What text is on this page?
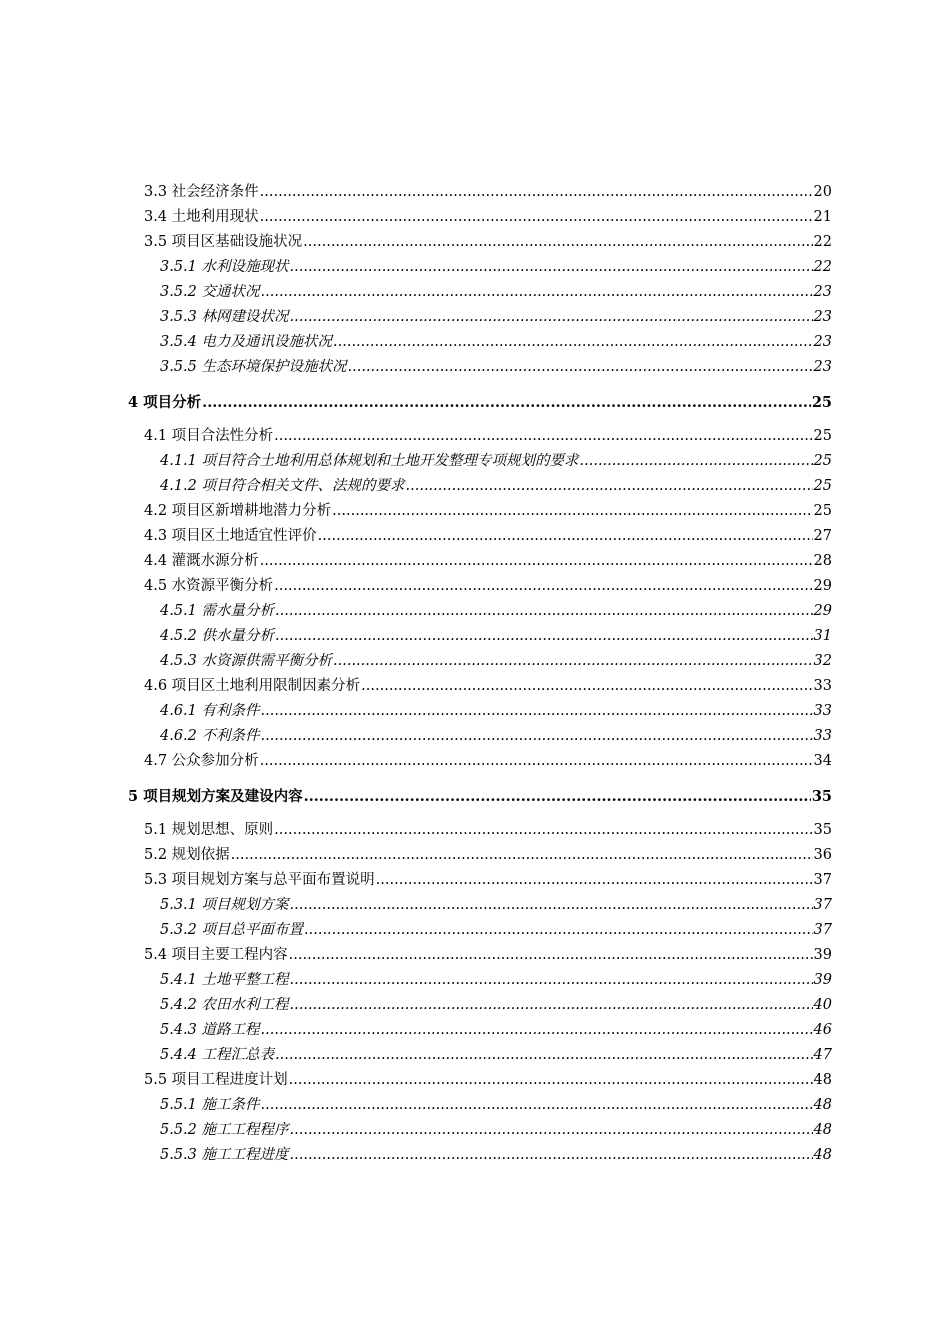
3.3 社会经济条件 .....	20
3.4 土地利用现状 .....	21
3.5 项目区基础设施状况 .....	22
3.5.1 水利设施现状 .....	22
3.5.2 交通状况 .....	23
3.5.3 林网建设状况 .....	23
3.5.4 电力及通讯设施状况 .....	23
3.5.5 生态环境保护设施状况 .....	23
4 项目分析 .....	25
4.1 项目合法性分析 .....	25
4.1.1 项目符合土地利用总体规划和土地开发整理专项规划的要求 .....	25
4.1.2 项目符合相关文件、法规的要求 .....	25
4.2 项目区新增耕地潜力分析 .....	25
4.3 项目区土地适宜性评价 .....	27
4.4 灌溉水源分析 .....	28
4.5 水资源平衡分析 .....	29
4.5.1 需水量分析 .....	29
4.5.2 供水量分析 .....	31
4.5.3 水资源供需平衡分析 .....	32
4.6 项目区土地利用限制因素分析 .....	33
4.6.1 有利条件 .....	33
4.6.2 不利条件 .....	33
4.7 公众参加分析 .....	34
5 项目规划方案及建设内容 .....	35
5.1 规划思想、原则 .....	35
5.2 规划依据 .....	36
5.3 项目规划方案与总平面布置说明 .....	37
5.3.1 项目规划方案 .....	37
5.3.2 项目总平面布置 .....	37
5.4 项目主要工程内容 .....	39
5.4.1 土地平整工程 .....	39
5.4.2 农田水利工程 .....	40
5.4.3 道路工程 .....	46
5.4.4 工程汇总表 .....	47
5.5 项目工程进度计划 .....	48
5.5.1 施工条件 .....	48
5.5.2 施工工程程序 .....	48
5.5.3 施工工程进度 .....	48
